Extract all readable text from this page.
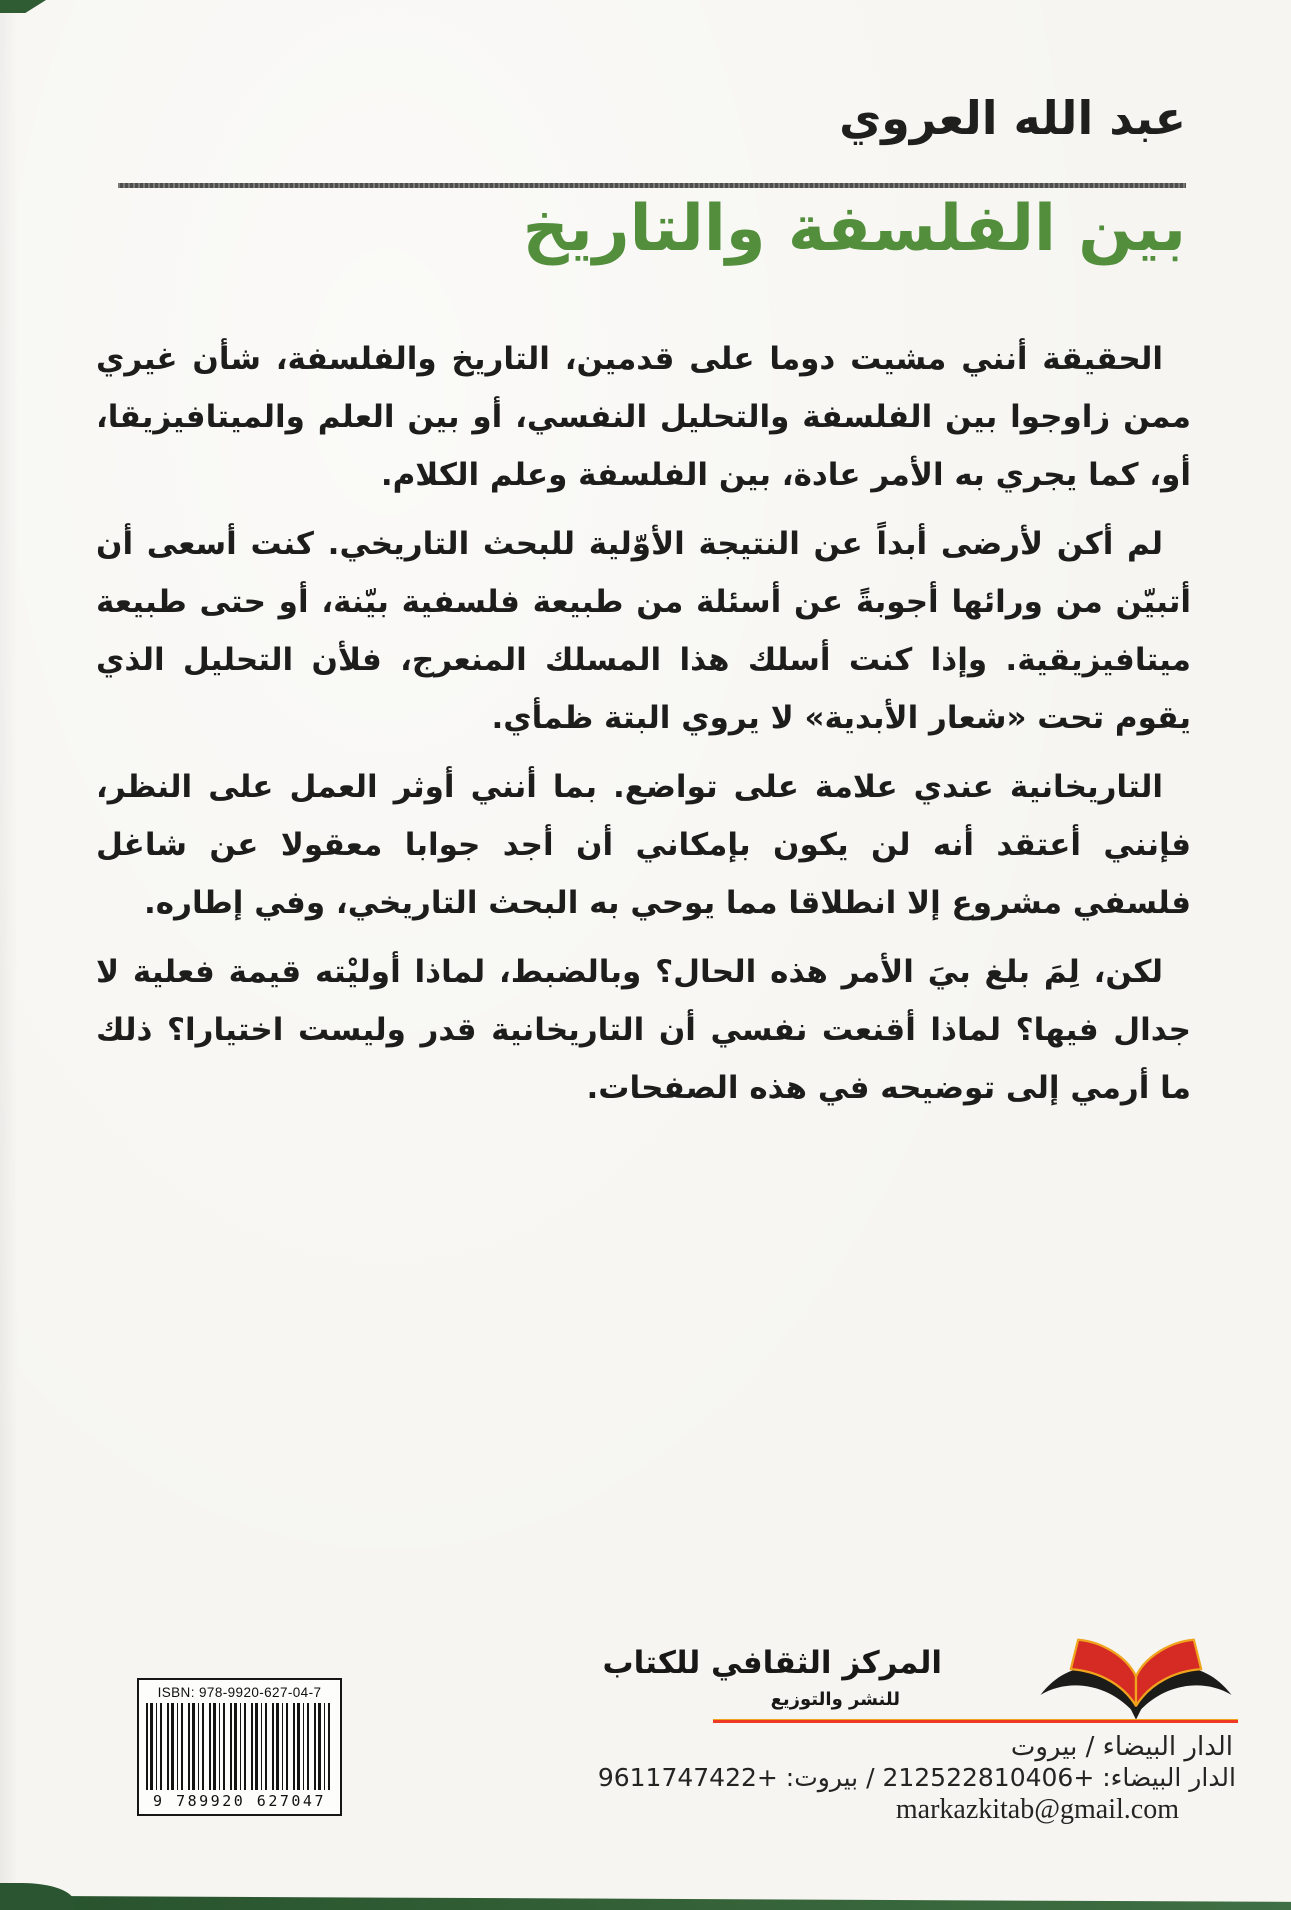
عبد الله العروي
بين الفلسفة والتاريخ

الحقيقة أنني مشيت دوما على قدمين، التاريخ والفلسفة، شأن غيري ممن زاوجوا بين الفلسفة والتحليل النفسي، أو بين العلم والميتافيزيقا، أو، كما يجري به الأمر عادة، بين الفلسفة وعلم الكلام.

لم أكن لأرضى أبداً عن النتيجة الأوّلية للبحث التاريخي. كنت أسعى أن أتبيّن من ورائها أجوبةً عن أسئلة من طبيعة فلسفية بيّنة، أو حتى طبيعة ميتافيزيقية. وإذا كنت أسلك هذا المسلك المنعرج، فلأن التحليل الذي يقوم تحت «شعار الأبدية» لا يروي البتة ظمأي.

التاريخانية عندي علامة على تواضع. بما أنني أوثر العمل على النظر، فإنني أعتقد أنه لن يكون بإمكاني أن أجد جوابا معقولا عن شاغل فلسفي مشروع إلا انطلاقا مما يوحي به البحث التاريخي، وفي إطاره.

لكن، لِمَ بلغ بيَ الأمر هذه الحال؟ وبالضبط، لماذا أوليْته قيمة فعلية لا جدال فيها؟ لماذا أقنعت نفسي أن التاريخانية قدر وليست اختيارا؟ ذلك ما أرمي إلى توضيحه في هذه الصفحات.

ISBN: 978-9920-627-04-7
9 789920 627047
المركز الثقافي للكتاب
للنشر والتوزيع
الدار البيضاء / بيروت
الدار البيضاء: +212522810406 / بيروت: +9611747422
markazkitab@gmail.com
